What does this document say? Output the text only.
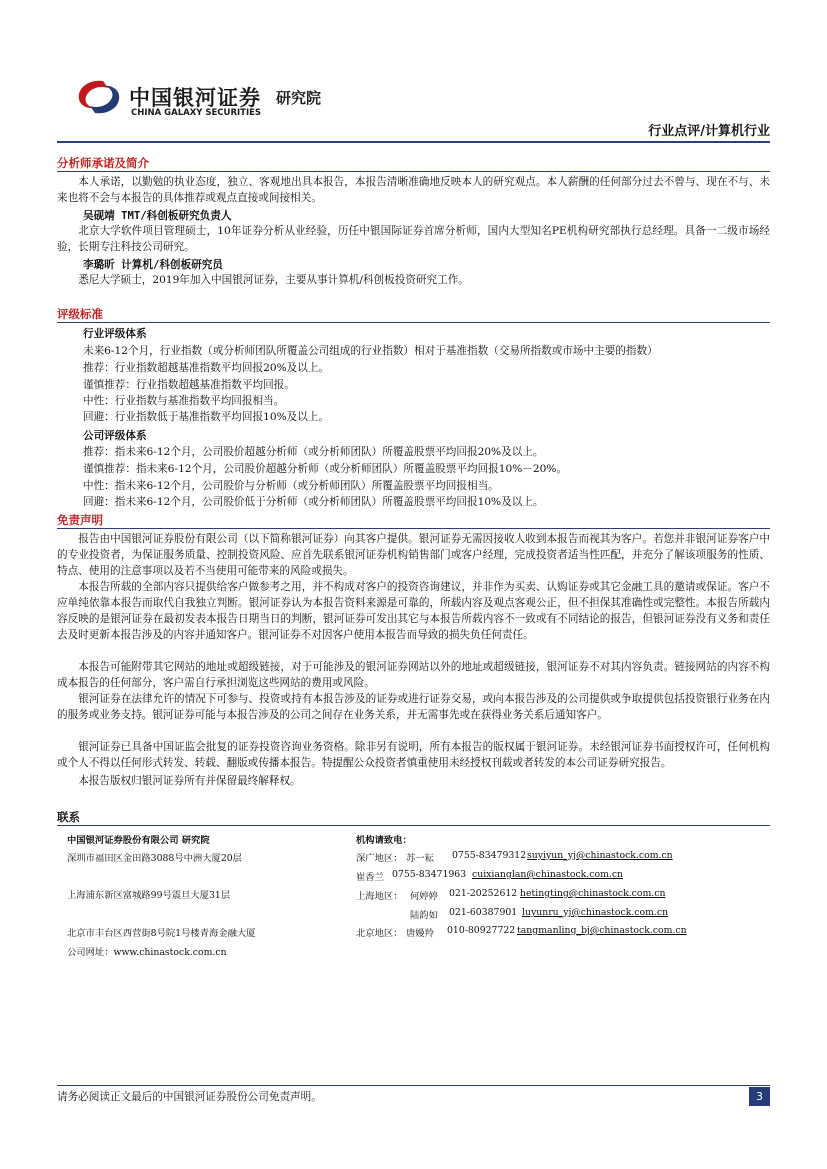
中国银河证券
CHINA GALAXY SECURITIES
研究院
行业点评/计算机行业
分析师承诺及简介

本人承诺，以勤勉的执业态度，独立、客观地出具本报告，本报告清晰准确地反映本人的研究观点。本人薪酬的任何部分过去不曾与、现在不与、未来也将不会与本报告的具体推荐或观点直接或间接相关。

吴砚靖 TMT/科创板研究负责人

北京大学软件项目管理硕士，10年证券分析从业经验，历任中银国际证券首席分析师，国内大型知名PE机构研究部执行总经理。具备一二级市场经验，长期专注科技公司研究。

李璐昕 计算机/科创板研究员

悉尼大学硕士，2019年加入中国银河证券，主要从事计算机/科创板投资研究工作。

评级标准
行业评级体系
未来6-12个月，行业指数（或分析师团队所覆盖公司组成的行业指数）相对于基准指数（交易所指数或市场中主要的指数）
推荐：行业指数超越基准指数平均回报20%及以上。
谨慎推荐：行业指数超越基准指数平均回报。
中性：行业指数与基准指数平均回报相当。
回避：行业指数低于基准指数平均回报10%及以上。
公司评级体系
推荐：指未来6-12个月，公司股价超越分析师（或分析师团队）所覆盖股票平均回报20%及以上。
谨慎推荐：指未来6-12个月，公司股价超越分析师（或分析师团队）所覆盖股票平均回报10%－20%。
中性：指未来6-12个月，公司股价与分析师（或分析师团队）所覆盖股票平均回报相当。
回避：指未来6-12个月，公司股价低于分析师（或分析师团队）所覆盖股票平均回报10%及以上。
免责声明

报告由中国银河证券股份有限公司（以下简称银河证券）向其客户提供。银河证券无需因接收人收到本报告而视其为客户。若您并非银河证券客户中的专业投资者，为保证服务质量、控制投资风险、应首先联系银河证券机构销售部门或客户经理，完成投资者适当性匹配，并充分了解该项服务的性质、特点、使用的注意事项以及若不当使用可能带来的风险或损失。

本报告所载的全部内容只提供给客户做参考之用，并不构成对客户的投资咨询建议，并非作为买卖、认购证券或其它金融工具的邀请或保证。客户不应单纯依靠本报告而取代自我独立判断。银河证券认为本报告资料来源是可靠的，所载内容及观点客观公正，但不担保其准确性或完整性。本报告所载内容反映的是银河证券在最初发表本报告日期当日的判断，银河证券可发出其它与本报告所载内容不一致或有不同结论的报告，但银河证券没有义务和责任去及时更新本报告涉及的内容并通知客户。银河证券不对因客户使用本报告而导致的损失负任何责任。

本报告可能附带其它网站的地址或超级链接，对于可能涉及的银河证券网站以外的地址或超级链接，银河证券不对其内容负责。链接网站的内容不构成本报告的任何部分，客户需自行承担浏览这些网站的费用或风险。

银河证券在法律允许的情况下可参与、投资或持有本报告涉及的证券或进行证券交易，或向本报告涉及的公司提供或争取提供包括投资银行业务在内的服务或业务支持。银河证券可能与本报告涉及的公司之间存在业务关系，并无需事先或在获得业务关系后通知客户。

银河证券已具备中国证监会批复的证券投资咨询业务资格。除非另有说明，所有本报告的版权属于银河证券。未经银河证券书面授权许可，任何机构或个人不得以任何形式转发、转载、翻版或传播本报告。特提醒公众投资者慎重使用未经授权刊载或者转发的本公司证券研究报告。

本报告版权归银河证券所有并保留最终解释权。

联系
中国银河证券股份有限公司 研究院
深圳市福田区金田路3088号中洲大厦20层
上海浦东新区富城路99号震旦大厦31层
北京市丰台区西营街8号院1号楼青海金融大厦
公司网址：www.chinastock.com.cn
机构请致电：
深广地区： 苏一耘 0755-83479312 suyiyun_yj@chinastock.com.cn
崔香兰 0755-83471963 cuixianglan@chinastock.com.cn
上海地区： 何婷婷 021-20252612 hetingting@chinastock.com.cn
陆韵如 021-60387901 luyunru_yj@chinastock.com.cn
北京地区： 唐嫚羚 010-80927722 tangmanling_bj@chinastock.com.cn
请务必阅读正文最后的中国银河证券股份公司免责声明。	3
